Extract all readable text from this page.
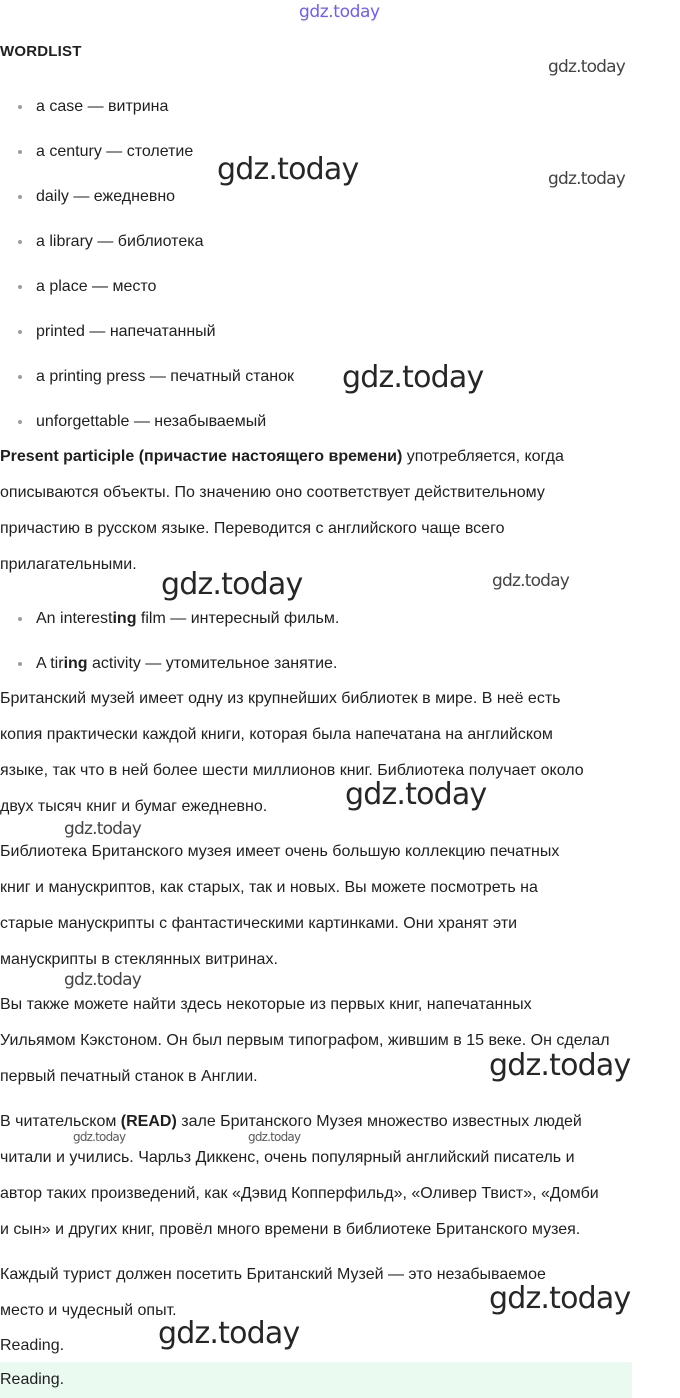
gdz.today
WORDLIST
a case — витрина
a century — столетие
daily — ежедневно
a library — библиотека
a place — место
printed — напечатанный
a printing press — печатный станок
unforgettable — незабываемый
Present participle (причастие настоящего времени) употребляется, когда
описываются объекты. По значению оно соответствует действительному
причастию в русском языке. Переводится с английского чаще всего
прилагательными.
An interesting film — интересный фильм.
A tiring activity — утомительное занятие.
Британский музей имеет одну из крупнейших библиотек в мире. В неё есть
копия практически каждой книги, которая была напечатана на английском
языке, так что в ней более шести миллионов книг. Библиотека получает около
двух тысяч книг и бумаг ежедневно.
Библиотека Британского музея имеет очень большую коллекцию печатных
книг и манускриптов, как старых, так и новых. Вы можете посмотреть на
старые манускрипты с фантастическими картинками. Они хранят эти
манускрипты в стеклянных витринах.
Вы также можете найти здесь некоторые из первых книг, напечатанных
Уильямом Кэкстоном. Он был первым типографом, жившим в 15 веке. Он сделал
первый печатный станок в Англии.
В читательском (READ) зале Британского Музея множество известных людей
читали и учились. Чарльз Диккенс, очень популярный английский писатель и
автор таких произведений, как «Дэвид Копперфильд», «Оливер Твист», «Домби
и сын» и других книг, провёл много времени в библиотеке Британского музея.
Каждый турист должен посетить Британский Музей — это незабываемое
место и чудесный опыт.
Reading.
Reading.
gdz.today
gdz.today
gdz.today
gdz.today
gdz.today	gdz.today
gdz.today
gdz.today
gdz.today
gdz.today
gdz.today	gdz.today
gdz.today
gdz.today
